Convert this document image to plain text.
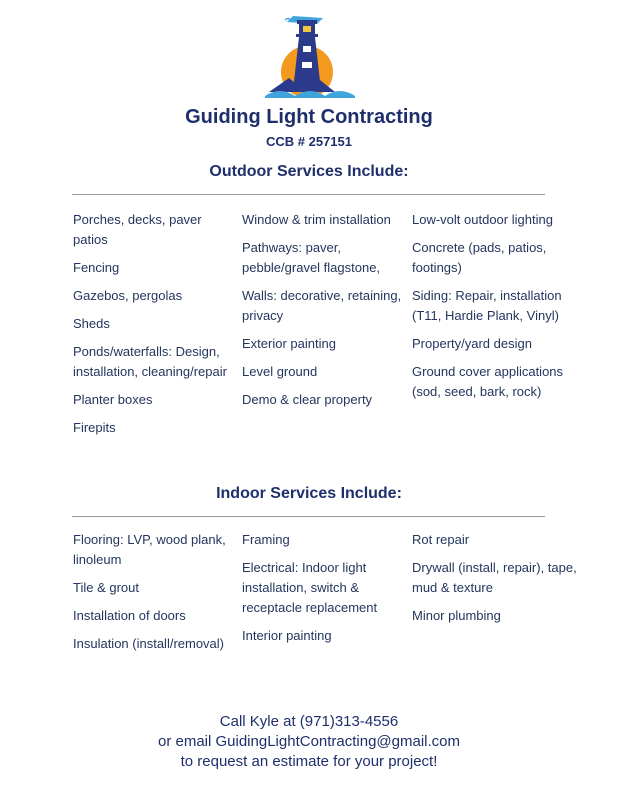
Guiding Light Contracting
CCB # 257151
Outdoor Services Include:
Porches, decks, paver patios
Fencing
Gazebos, pergolas
Sheds
Ponds/waterfalls: Design, installation, cleaning/repair
Planter boxes
Firepits
Window & trim installation
Pathways: paver, pebble/gravel flagstone,
Walls: decorative, retaining, privacy
Exterior painting
Level ground
Demo & clear property
Low-volt outdoor lighting
Concrete (pads, patios, footings)
Siding: Repair, installation (T11, Hardie Plank, Vinyl)
Property/yard design
Ground cover applications (sod, seed, bark, rock)
Indoor Services Include:
Flooring: LVP, wood plank, linoleum
Tile & grout
Installation of doors
Insulation (install/removal)
Framing
Electrical: Indoor light installation, switch & receptacle replacement
Interior painting
Rot repair
Drywall (install, repair), tape, mud & texture
Minor plumbing
Call Kyle at (971)313-4556
or email GuidingLightContracting@gmail.com
to request an estimate for your project!
